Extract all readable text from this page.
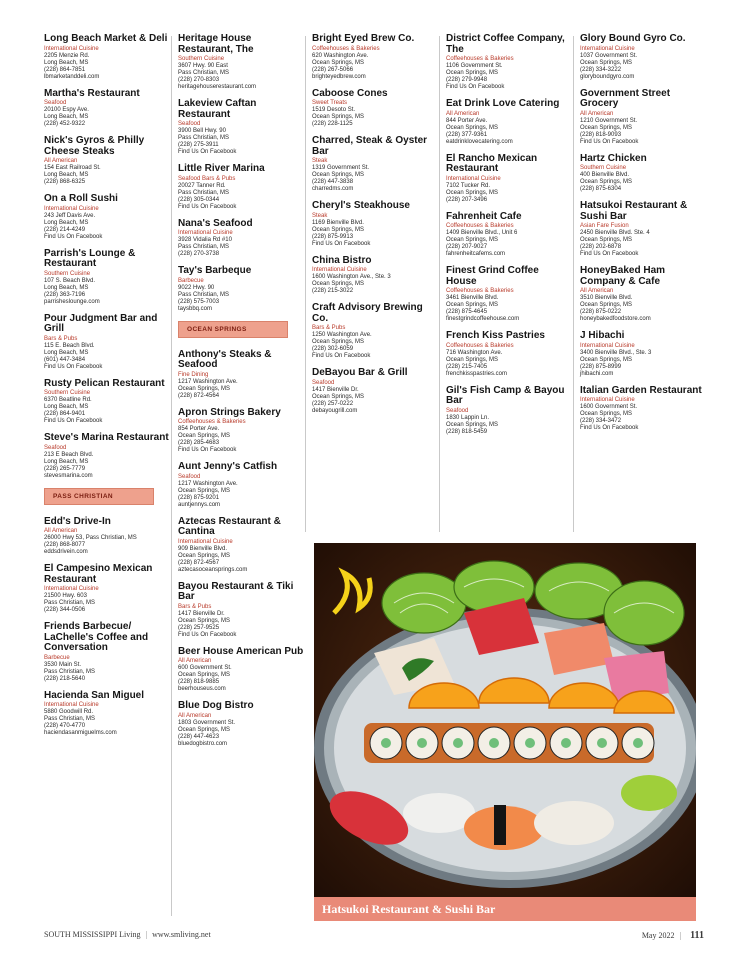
Long Beach Market & Deli
International Cuisine
2205 Menzie Rd.
Long Beach, MS
(228) 864-7851
lbmarketanddeli.com
Martha's Restaurant
Seafood
20100 Espy Ave.
Long Beach, MS
(228) 452-9322
Nick's Gyros & Philly Cheese Steaks
All American
154 East Railroad St.
Long Beach, MS
(228) 868-6325
On a Roll Sushi
International Cuisine
243 Jeff Davis Ave.
Long Beach, MS
(228) 214-4249
Find Us On Facebook
Parrish's Lounge & Restaurant
Southern Cuisine
107 S. Beach Blvd.
Long Beach, MS
(228) 363-7196
parrisheslounge.com
Pour Judgment Bar and Grill
Bars & Pubs
115 E. Beach Blvd.
Long Beach, MS
(601) 447-3484
Find Us On Facebook
Rusty Pelican Restaurant
Southern Cuisine
6370 Beatline Rd.
Long Beach, MS
(228) 864-9401
Find Us On Facebook
Steve's Marina Restaurant
Seafood
213 E Beach Blvd.
Long Beach, MS
(228) 265-7779
stevesmarina.com
PASS CHRISTIAN
Edd's Drive-In
All American
26000 Hwy 53, Pass Christian, MS
(228) 868-8077
eddsdrivein.com
El Campesino Mexican Restaurant
International Cuisine
21500 Hwy. 603
Pass Christian, MS
(228) 344-0506
Friends Barbecue/ LaChelle's Coffee and Conversation
Barbecue
3530 Main St.
Pass Christian, MS
(228) 218-5640
Hacienda San Miguel
International Cuisine
5880 Goodwill Rd.
Pass Christian, MS
(228) 470-4770
haciendasanmiguelms.com
Heritage House Restaurant, The
Southern Cuisine
3607 Hwy. 90 East
Pass Christian, MS
(228) 270-8303
heritagehouserestaurant.com
Lakeview Caftan Restaurant
Seafood
3900 Bell Hwy. 90
Pass Christian, MS
(228) 275-3911
Find Us On Facebook
Little River Marina
Seafood Bars & Pubs
20027 Tanner Rd.
Pass Christian, MS
(228) 305-0344
Find Us On Facebook
Nana's Seafood
International Cuisine
3928 Vidalia Rd #10
Pass Christian, MS
(228) 270-3738
Tay's Barbeque
Barbecue
9022 Hwy. 90
Pass Christian, MS
(228) 575-7003
taysbbq.com
OCEAN SPRINGS
Anthony's Steaks & Seafood
Fine Dining
1217 Washington Ave.
Ocean Springs, MS
(228) 872-4564
Apron Strings Bakery
Coffeehouses & Bakeries
854 Porter Ave.
Ocean Springs, MS
(228) 285-4683
Find Us On Facebook
Aunt Jenny's Catfish
Seafood
1217 Washington Ave.
Ocean Springs, MS
(228) 875-9201
auntjennys.com
Aztecas Restaurant & Cantina
International Cuisine
909 Bienville Blvd.
Ocean Springs, MS
(228) 872-4567
aztecasoceansprings.com
Bayou Restaurant & Tiki Bar
Bars & Pubs
1417 Bienville Dr.
Ocean Springs, MS
(228) 257-9525
Find Us On Facebook
Beer House American Pub
All American
600 Government St.
Ocean Springs, MS
(228) 818-9885
beerhouseus.com
Blue Dog Bistro
All American
1803 Government St.
Ocean Springs, MS
(228) 447-4623
bluedogbistro.com
Bright Eyed Brew Co.
Coffeehouses & Bakeries
620 Washington Ave.
Ocean Springs, MS
(228) 267-5066
brighteyedbrew.com
Caboose Cones
Sweet Treats
1519 Desoto St.
Ocean Springs, MS
(228) 228-1125
Charred, Steak & Oyster Bar
Steak
1319 Government St.
Ocean Springs, MS
(228) 447-3838
charredms.com
Cheryl's Steakhouse
Steak
1169 Bienville Blvd.
Ocean Springs, MS
(228) 875-9913
Find Us On Facebook
China Bistro
International Cuisine
1600 Washington Ave., Ste. 3
Ocean Springs, MS
(228) 215-3022
Craft Advisory Brewing Co.
Bars & Pubs
1250 Washington Ave.
Ocean Springs, MS
(228) 302-6059
Find Us On Facebook
DeBayou Bar & Grill
Seafood
1417 Bienville Dr.
Ocean Springs, MS
(228) 257-0222
debayougrill.com
District Coffee Company, The
Coffeehouses & Bakeries
1106 Government St.
Ocean Springs, MS
(228) 279-9948
Find Us On Facebook
Eat Drink Love Catering
All American
844 Porter Ave.
Ocean Springs, MS
(228) 377-9361
eatdrinklovecatering.com
El Rancho Mexican Restaurant
International Cuisine
7102 Tucker Rd.
Ocean Springs, MS
(228) 207-3496
Fahrenheit Cafe
Coffeehouses & Bakeries
1409 Bienville Blvd., Unit 6
Ocean Springs, MS
(228) 207-9027
fahrenheitcafems.com
Finest Grind Coffee House
Coffeehouses & Bakeries
3461 Bienville Blvd.
Ocean Springs, MS
(228) 875-4645
finestgrindcoffeehouse.com
French Kiss Pastries
Coffeehouses & Bakeries
716 Washington Ave.
Ocean Springs, MS
(228) 215-7405
frenchkisspastries.com
Gil's Fish Camp & Bayou Bar
Seafood
1830 Lappin Ln.
Ocean Springs, MS
(228) 818-5459
Glory Bound Gyro Co.
International Cuisine
1037 Government St.
Ocean Springs, MS
(228) 334-3222
gloryboundgyro.com
Government Street Grocery
All American
1210 Government St.
Ocean Springs, MS
(228) 818-9093
Find Us On Facebook
Hartz Chicken
Southern Cuisine
400 Bienville Blvd.
Ocean Springs, MS
(228) 875-6304
Hatsukoi Restaurant & Sushi Bar
Asian Fare Fusion
2450 Bienville Blvd. Ste. 4
Ocean Springs, MS
(228) 202-6878
Find Us On Facebook
HoneyBaked Ham Company & Cafe
All American
3510 Bienville Blvd.
Ocean Springs, MS
(228) 875-0222
honeybakedfoodstore.com
J Hibachi
International Cuisine
3400 Bienville Blvd., Ste. 3
Ocean Springs, MS
(228) 875-8999
jhibachi.com
Italian Garden Restaurant
International Cuisine
1600 Government St.
Ocean Springs, MS
(228) 334-3472
Find Us On Facebook
Hatsukoi Restaurant & Sushi Bar
SOUTH MISSISSIPPI Living | www.smliving.net	May 2022 | 111
